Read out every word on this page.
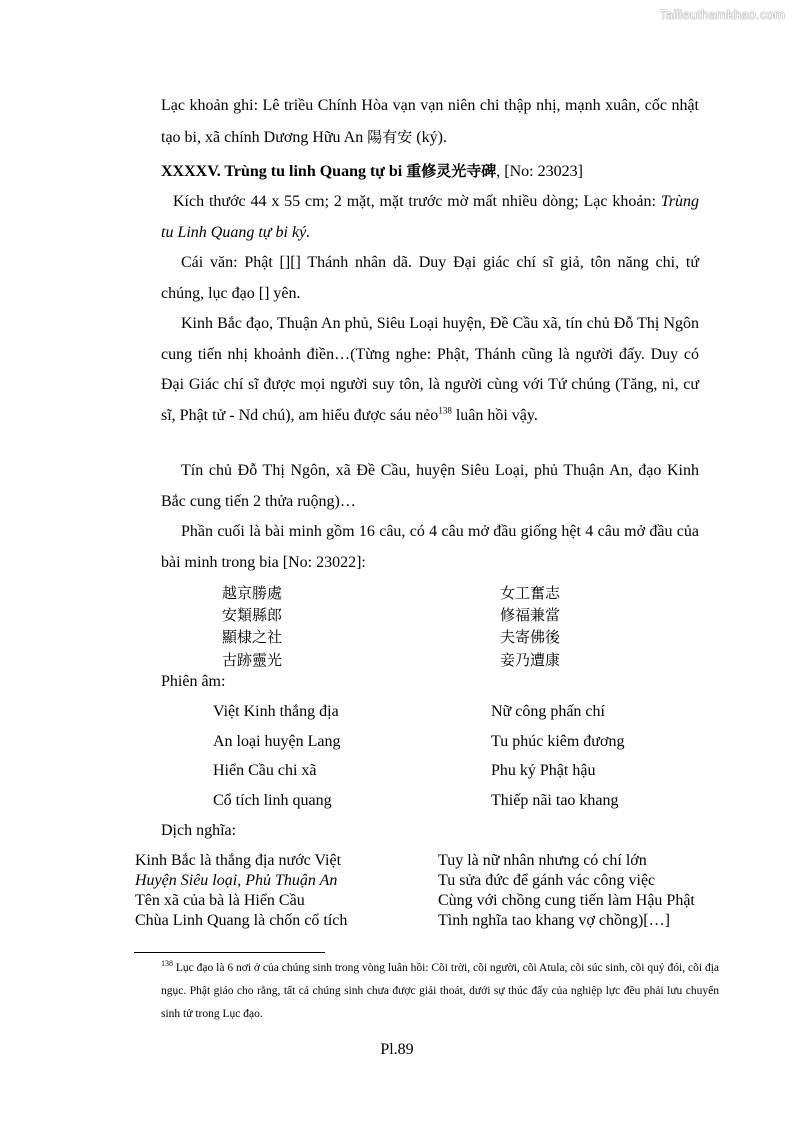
Tailieuthamkhao.com
Lạc khoản ghi: Lê triều Chính Hòa vạn vạn niên chi thập nhị, mạnh xuân, cốc nhật tạo bi, xã chính Dương Hữu An 陽有安 (ký).
XXXXV. Trùng tu linh Quang tự bi 重修灵光寺碑, [No: 23023]
Kích thước 44 x 55 cm; 2 mặt, mặt trước mờ mất nhiều dòng; Lạc khoản: Trùng tu Linh Quang tự bi ký.
Cái văn: Phật [][] Thánh nhân dã. Duy Đại giác chí sĩ giả, tôn năng chi, tứ chúng, lục đạo [] yên.
Kinh Bắc đạo, Thuận An phủ, Siêu Loại huyện, Đề Cầu xã, tín chủ Đỗ Thị Ngôn cung tiến nhị khoảnh điền…(Từng nghe: Phật, Thánh cũng là người đấy. Duy có Đại Giác chí sĩ được mọi người suy tôn, là người cùng với Tứ chúng (Tăng, ni, cư sĩ, Phật tử - Nd chú), am hiểu được sáu nẻo$^{138}$ luân hồi vậy.
Tín chủ Đỗ Thị Ngôn, xã Đề Cầu, huyện Siêu Loại, phủ Thuận An, đạo Kinh Bắc cung tiến 2 thửa ruộng)…
Phần cuối là bài minh gồm 16 câu, có 4 câu mở đầu giống hệt 4 câu mở đầu của bài minh trong bia [No: 23022]:
越京勝處
安類縣郎
顯棣之社
古跡靈光
女工奮志
修福兼當
夫寄佛後
妾乃遭康
Phiên âm:
Việt Kinh thắng địa
An loại huyện Lang
Hiển Cầu chi xã
Cổ tích linh quang
Nữ công phấn chí
Tu phúc kiêm đương
Phu ký Phật hậu
Thiếp nãi tao khang
Dịch nghĩa:
Kinh Bắc là thắng địa nước Việt
Huyện Siêu loại, Phủ Thuận An
Tên xã của bà là Hiển Cầu
Chùa Linh Quang là chốn cổ tích
Tuy là nữ nhân nhưng có chí lớn
Tu sửa đức để gánh vác công việc
Cùng với chồng cung tiến làm Hậu Phật
Tình nghĩa tao khang vợ chồng)[…]
$^{138}$ Lục đạo là 6 nơi ở của chúng sinh trong vòng luân hồi: Cõi trời, cõi người, cõi Atula, cõi súc sinh, cõi quỷ đói, cõi địa ngục. Phật giáo cho rằng, tất cả chúng sinh chưa được giải thoát, dưới sự thúc đẩy của nghiệp lực đều phải lưu chuyển sinh tử trong Lục đạo.
Pl.89
